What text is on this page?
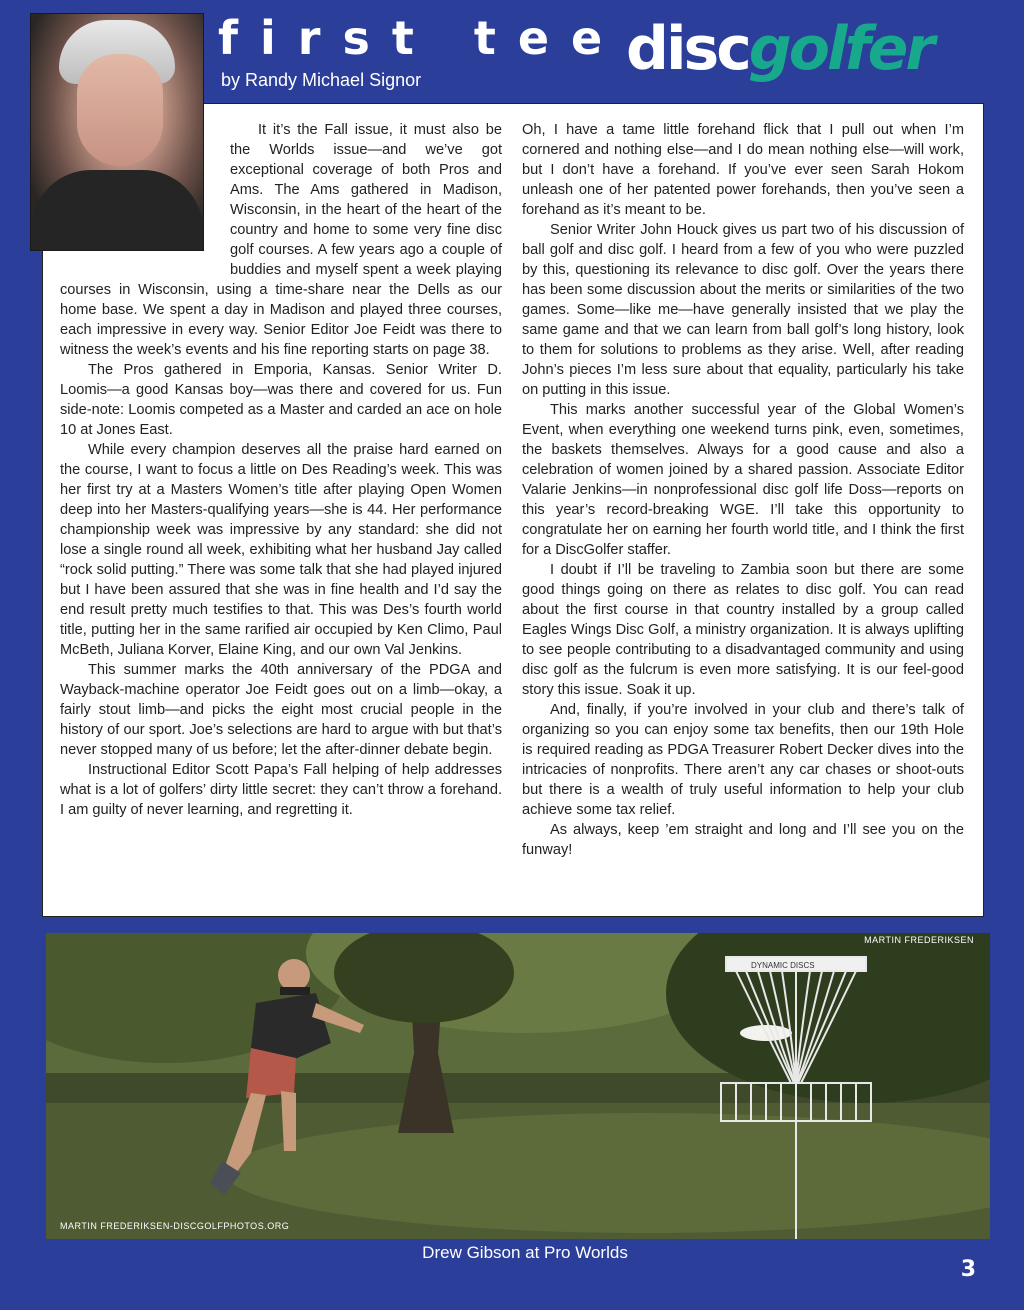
first tee

by Randy Michael Signor	discgolfer

It it’s the Fall issue, it must also be the Worlds issue—and we’ve got exceptional coverage of both Pros and Ams. The Ams gathered in Madison, Wisconsin, in the heart of the heart of the country and home to some very fine disc golf courses. A few years ago a couple of buddies and myself spent a week playing courses in Wisconsin, using a time-share near the Dells as our home base. We spent a day in Madison and played three courses, each impressive in every way. Senior Editor Joe Feidt was there to witness the week’s events and his fine reporting starts on page 38.

The Pros gathered in Emporia, Kansas. Senior Writer D. Loomis—a good Kansas boy—was there and covered for us. Fun side-note: Loomis competed as a Master and carded an ace on hole 10 at Jones East.

While every champion deserves all the praise hard earned on the course, I want to focus a little on Des Reading’s week. This was her first try at a Masters Women’s title after playing Open Women deep into her Masters-qualifying years—she is 44. Her performance championship week was impressive by any standard: she did not lose a single round all week, exhibiting what her husband Jay called “rock solid putting.” There was some talk that she had played injured but I have been assured that she was in fine health and I’d say the end result pretty much testifies to that. This was Des’s fourth world title, putting her in the same rarified air occupied by Ken Climo, Paul McBeth, Juliana Korver, Elaine King, and our own Val Jenkins.

This summer marks the 40th anniversary of the PDGA and Wayback-machine operator Joe Feidt goes out on a limb—okay, a fairly stout limb—and picks the eight most crucial people in the history of our sport. Joe’s selections are hard to argue with but that’s never stopped many of us before; let the after-dinner debate begin.

Instructional Editor Scott Papa’s Fall helping of help addresses what is a lot of golfers’ dirty little secret: they can’t throw a forehand. I am guilty of never learning, and regretting it.

Oh, I have a tame little forehand flick that I pull out when I’m cornered and nothing else—and I do mean nothing else—will work, but I don’t have a forehand. If you’ve ever seen Sarah Hokom unleash one of her patented power forehands, then you’ve seen a forehand as it’s meant to be.

Senior Writer John Houck gives us part two of his discussion of ball golf and disc golf. I heard from a few of you who were puzzled by this, questioning its relevance to disc golf. Over the years there has been some discussion about the merits or similarities of the two games. Some—like me—have generally insisted that we play the same game and that we can learn from ball golf’s long history, look to them for solutions to problems as they arise. Well, after reading John’s pieces I’m less sure about that equality, particularly his take on putting in this issue.

This marks another successful year of the Global Women’s Event, when everything one weekend turns pink, even, sometimes, the baskets themselves. Always for a good cause and also a celebration of women joined by a shared passion. Associate Editor Valarie Jenkins—in nonprofessional disc golf life Doss—reports on this year’s record-breaking WGE. I’ll take this opportunity to congratulate her on earning her fourth world title, and I think the first for a DiscGolfer staffer.

I doubt if I’ll be traveling to Zambia soon but there are some good things going on there as relates to disc golf. You can read about the first course in that country installed by a group called Eagles Wings Disc Golf, a ministry organization. It is always uplifting to see people contributing to a disadvantaged community and using disc golf as the fulcrum is even more satisfying. It is our feel-good story this issue. Soak it up.

And, finally, if you’re involved in your club and there’s talk of organizing so you can enjoy some tax benefits, then our 19th Hole is required reading as PDGA Treasurer Robert Decker dives into the intricacies of nonprofits. There aren’t any car chases or shoot-outs but there is a wealth of truly useful information to help your club achieve some tax relief.

As always, keep ’em straight and long and I’ll see you on the funway!

DYNAMIC DISCS
MARTIN FREDERIKSEN
MARTIN FREDERIKSEN-DISCGOLFPHOTOS.ORG

Drew Gibson at Pro Worlds

3
